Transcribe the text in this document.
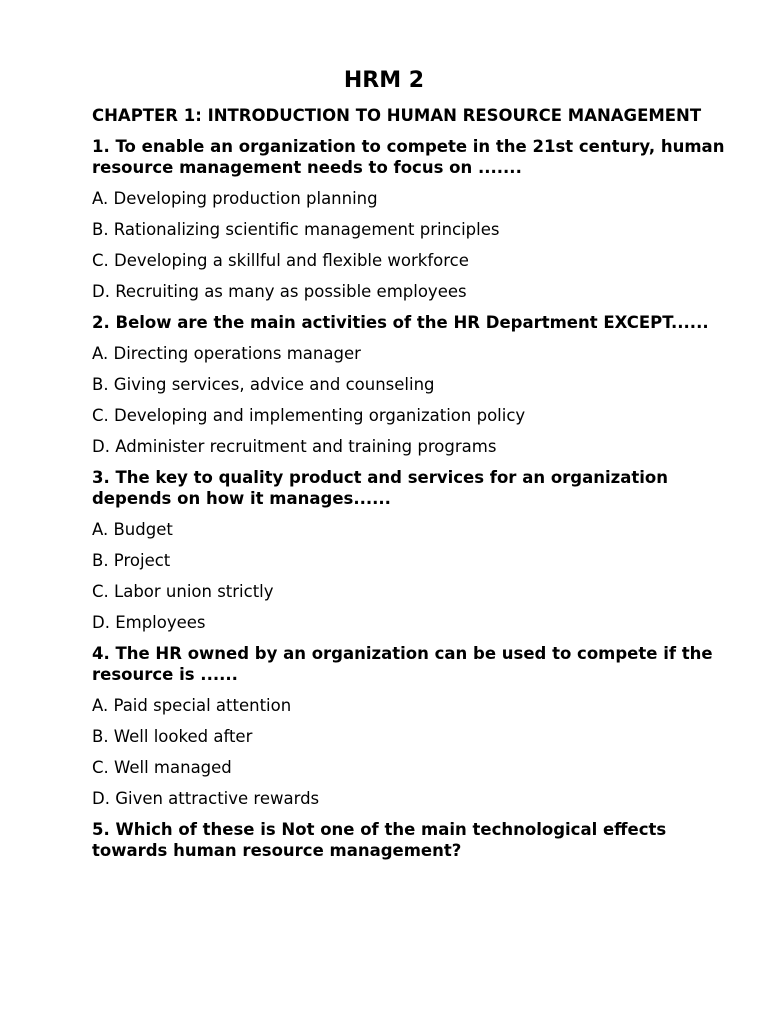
HRM 2
CHAPTER 1: INTRODUCTION TO HUMAN RESOURCE MANAGEMENT
1. To enable an organization to compete in the 21st century, human resource management needs to focus on .......
A. Developing production planning
B. Rationalizing scientific management principles
C. Developing a skillful and flexible workforce
D. Recruiting as many as possible employees
2. Below are the main activities of the HR Department EXCEPT......
A. Directing operations manager
B. Giving services, advice and counseling
C. Developing and implementing organization policy
D. Administer recruitment and training programs
3. The key to quality product and services for an organization depends on how it manages......
A. Budget
B. Project
C. Labor union strictly
D. Employees
4. The HR owned by an organization can be used to compete if the resource is ......
A. Paid special attention
B. Well looked after
C. Well managed
D. Given attractive rewards
5. Which of these is Not one of the main technological effects towards human resource management?
